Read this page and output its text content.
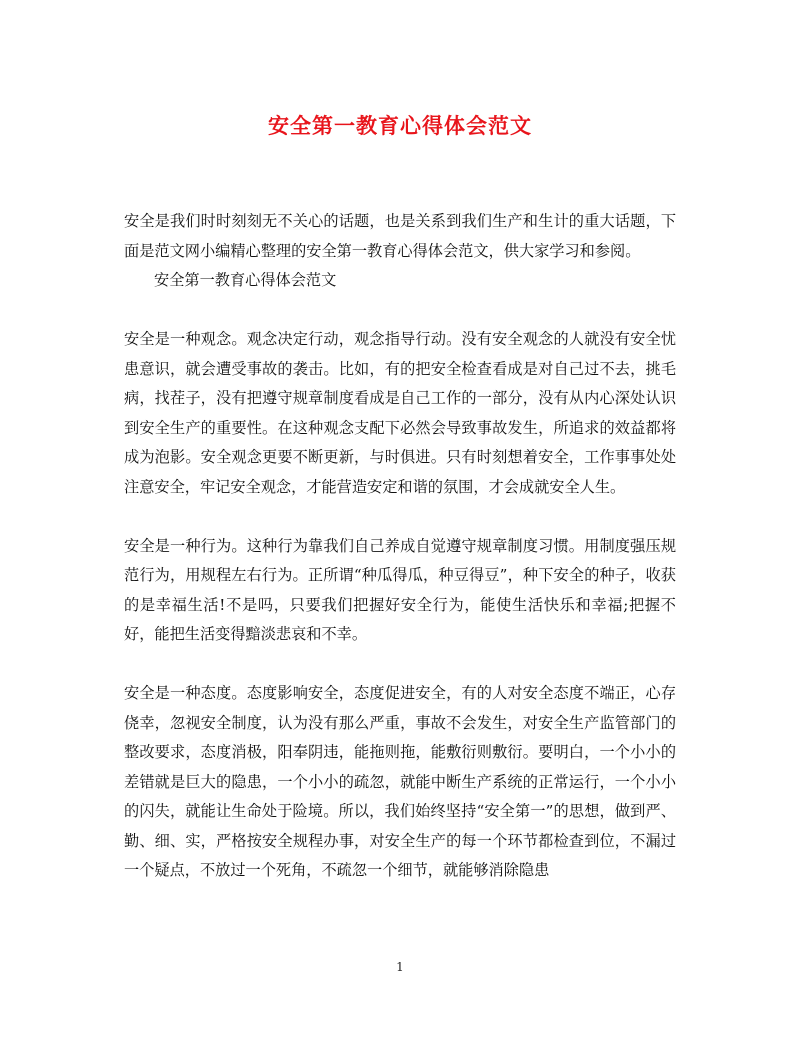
安全第一教育心得体会范文

安全是我们时时刻刻无不关心的话题，也是关系到我们生产和生计的重大话题，下面是范文网小编精心整理的安全第一教育心得体会范文，供大家学习和参阅。

安全第一教育心得体会范文

安全是一种观念。观念决定行动，观念指导行动。没有安全观念的人就没有安全忧患意识，就会遭受事故的袭击。比如，有的把安全检查看成是对自己过不去，挑毛病，找茬子，没有把遵守规章制度看成是自己工作的一部分，没有从内心深处认识到安全生产的重要性。在这种观念支配下必然会导致事故发生，所追求的效益都将成为泡影。安全观念更要不断更新，与时俱进。只有时刻想着安全，工作事事处处注意安全，牢记安全观念，才能营造安定和谐的氛围，才会成就安全人生。

安全是一种行为。这种行为靠我们自己养成自觉遵守规章制度习惯。用制度强压规范行为，用规程左右行为。正所谓“种瓜得瓜，种豆得豆”，种下安全的种子，收获的是幸福生活!不是吗，只要我们把握好安全行为，能使生活快乐和幸福;把握不好，能把生活变得黯淡悲哀和不幸。

安全是一种态度。态度影响安全，态度促进安全，有的人对安全态度不端正，心存侥幸，忽视安全制度，认为没有那么严重，事故不会发生，对安全生产监管部门的整改要求，态度消极，阳奉阴违，能拖则拖，能敷衍则敷衍。要明白，一个小小的差错就是巨大的隐患，一个小小的疏忽，就能中断生产系统的正常运行，一个小小的闪失，就能让生命处于险境。所以，我们始终坚持“安全第一”的思想，做到严、勤、细、实，严格按安全规程办事，对安全生产的每一个环节都检查到位，不漏过一个疑点，不放过一个死角，不疏忽一个细节，就能够消除隐患

1
